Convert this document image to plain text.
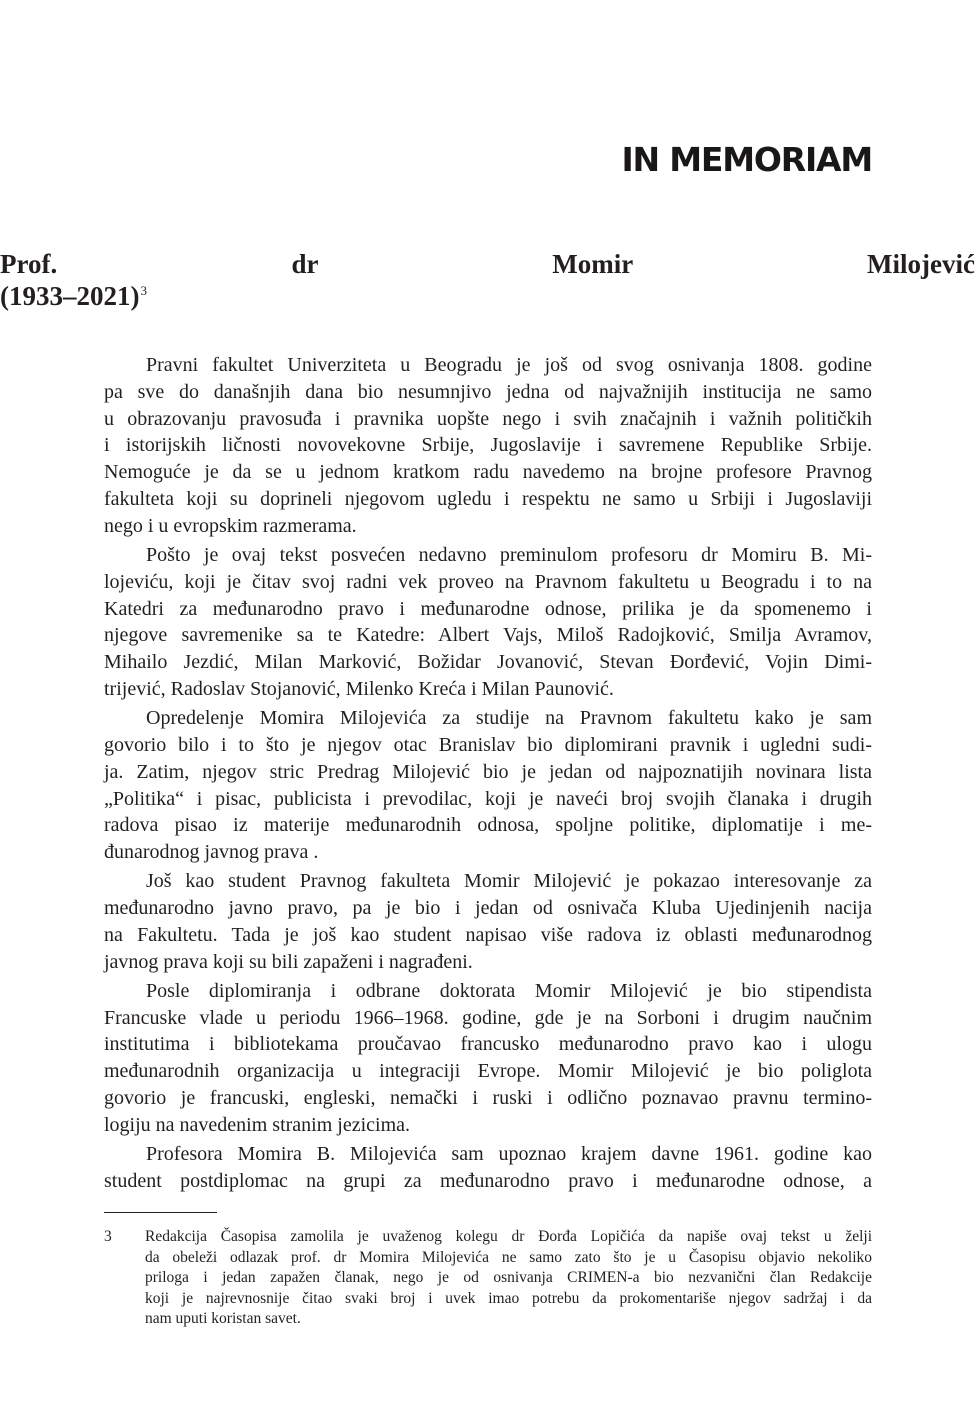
IN MEMORIAM
Prof. dr Momir Milojević
(1933–2021)$^3$

Pravni fakultet Univerziteta u Beogradu je još od svog osnivanja 1808. godine
pa sve do današnjih dana bio nesumnjivo jedna od najvažnijih institucija ne samo
u obrazovanju pravosuđa i pravnika uopšte nego i svih značajnih i važnih političkih
i istorijskih ličnosti novovekovne Srbije, Jugoslavije i savremene Republike Srbije.
Nemoguće je da se u jednom kratkom radu navedemo na brojne profesore Pravnog
fakulteta koji su doprineli njegovom ugledu i respektu ne samo u Srbiji i Jugoslaviji
nego i u evropskim razmerama.

Pošto je ovaj tekst posvećen nedavno preminulom profesoru dr Momiru B. Mi-
lojeviću, koji je čitav svoj radni vek proveo na Pravnom fakultetu u Beogradu i to na
Katedri za međunarodno pravo i međunarodne odnose, prilika je da spomenemo i
njegove savremenike sa te Katedre: Albert Vajs, Miloš Radojković, Smilja Avramov,
Mihailo Jezdić, Milan Marković, Božidar Jovanović, Stevan Đorđević, Vojin Dimi-
trijević, Radoslav Stojanović, Milenko Kreća i Milan Paunović.

Opredelenje Momira Milojevića za studije na Pravnom fakultetu kako je sam
govorio bilo i to što je njegov otac Branislav bio diplomirani pravnik i ugledni sudi-
ja. Zatim, njegov stric Predrag Milojević bio je jedan od najpoznatijih novinara lista
„Politika“ i pisac, publicista i prevodilac, koji je naveći broj svojih članaka i drugih
radova pisao iz materije međunarodnih odnosa, spoljne politike, diplomatije i me-
đunarodnog javnog prava .

Još kao student Pravnog fakulteta Momir Milojević je pokazao interesovanje za
međunarodno javno pravo, pa je bio i jedan od osnivača Kluba Ujedinjenih nacija
na Fakultetu. Tada je još kao student napisao više radova iz oblasti međunarodnog
javnog prava koji su bili zapaženi i nagrađeni.

Posle diplomiranja i odbrane doktorata Momir Milojević je bio stipendista
Francuske vlade u periodu 1966–1968. godine, gde je na Sorboni i drugim naučnim
institutima i bibliotekama proučavao francusko međunarodno pravo kao i ulogu
međunarodnih organizacija u integraciji Evrope. Momir Milojević je bio poliglota
govorio je francuski, engleski, nemački i ruski i odlično poznavao pravnu termino-
logiju na navedenim stranim jezicima.

Profesora Momira B. Milojevića sam upoznao krajem davne 1961. godine kao
student postdiplomac na grupi za međunarodno pravo i međunarodne odnose, a

3 Redakcija Časopisa zamolila je uvaženog kolegu dr Đorđa Lopičića da napiše ovaj tekst u želji
da obeleži odlazak prof. dr Momira Milojevića ne samo zato što je u Časopisu objavio nekoliko
priloga i jedan zapažen članak, nego je od osnivanja CRIMEN-a bio nezvanični član Redakcije
koji je najrevnosnije čitao svaki broj i uvek imao potrebu da prokomentariše njegov sadržaj i da
nam uputi koristan savet.
